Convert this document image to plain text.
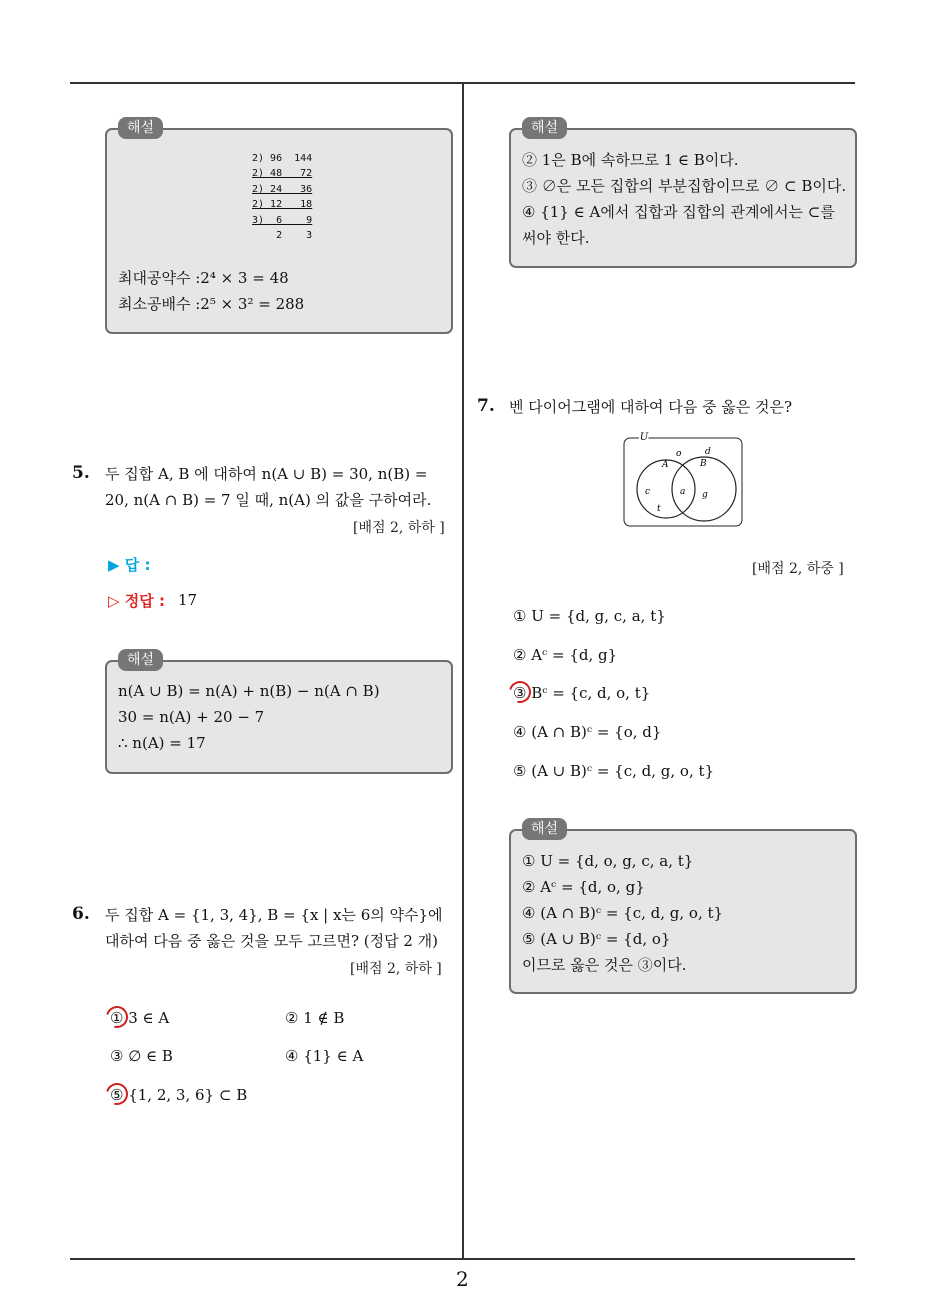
해설
2) 96  144
2) 48   72
2) 24   36
2) 12   18
3)  6    9
2    3
최대공약수 :2⁴ × 3 = 48
최소공배수 :2⁵ × 3² = 288
5. 두 집합 A, B 에 대하여 n(A ∪ B) = 30, n(B) =
20, n(A ∩ B) = 7 일 때, n(A) 의 값을 구하여라.
[배점 2, 하하 ]
▶ 답 :
▷ 정답 : 17
해설
n(A ∪ B) = n(A) + n(B) − n(A ∩ B)
30 = n(A) + 20 − 7
∴ n(A) = 17
6. 두 집합 A = {1, 3, 4}, B = {x | x는 6의 약수}에
대하여 다음 중 옳은 것을 모두 고르면? (정답 2 개)
[배점 2, 하하 ]
① 3 ∈ A	② 1 ∉ B
③ ∅ ∈ B	④ {1} ∈ A
⑤ {1, 2, 3, 6} ⊂ B
해설
② 1은 B에 속하므로 1 ∈ B이다.
③ ∅은 모든 집합의 부분집합이므로 ∅ ⊂ B이다.
④ {1} ∈ A에서 집합과 집합의 관계에서는 ⊂를
써야 한다.
7. 벤 다이어그램에 대하여 다음 중 옳은 것은?
U
A	B
o	d
c	a g
t
[배점 2, 하중 ]
① U = {d, g, c, a, t}
② Aᶜ = {d, g}
③ Bᶜ = {c, d, o, t}
④ (A ∩ B)ᶜ = {o, d}
⑤ (A ∪ B)ᶜ = {c, d, g, o, t}
해설
① U = {d, o, g, c, a, t}
② Aᶜ = {d, o, g}
④ (A ∩ B)ᶜ = {c, d, g, o, t}
⑤ (A ∪ B)ᶜ = {d, o}
이므로 옳은 것은 ③이다.
2
